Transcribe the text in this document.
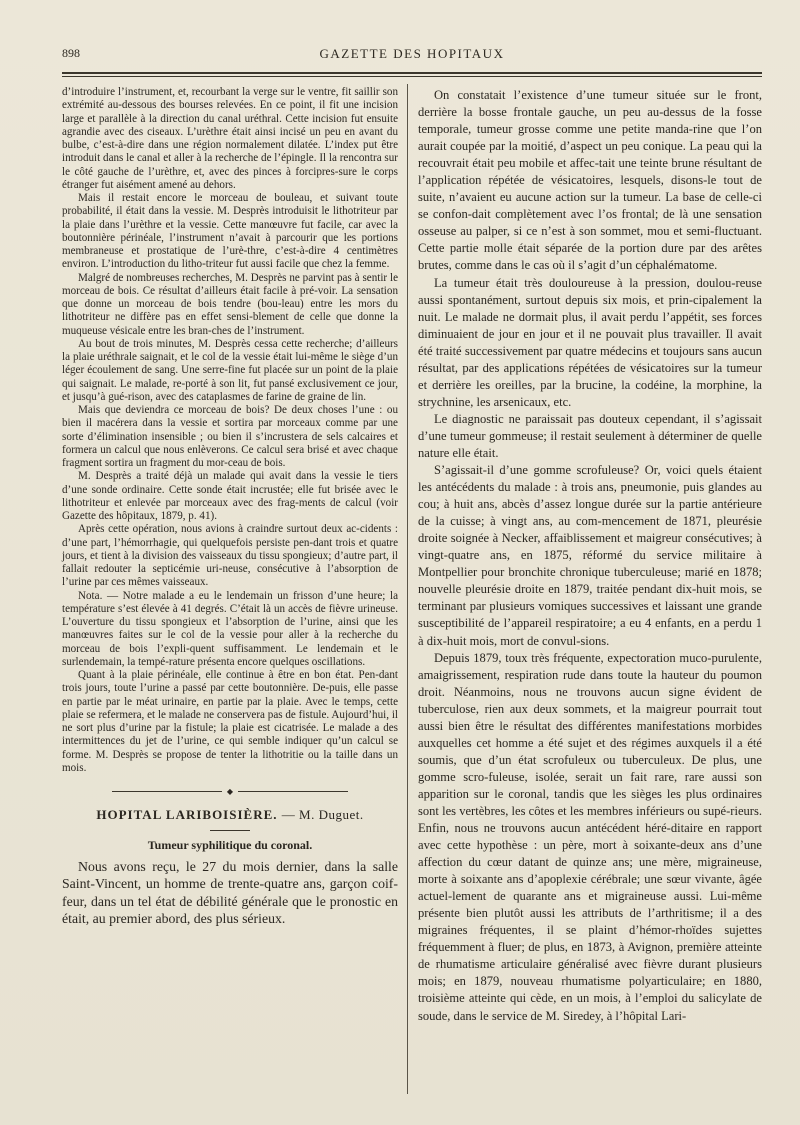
898	GAZETTE DES HOPITAUX

d’introduire l’instrument, et, recourbant la verge sur le ventre, fit saillir son extrémité au-dessous des bourses relevées. En ce point, il fit une incision large et parallèle à la direction du canal uréthral. Cette incision fut ensuite agrandie avec des ciseaux. L’urèthre était ainsi incisé un peu en avant du bulbe, c’est-à-dire dans une région normalement dilatée. L’index put être introduit dans le canal et aller à la recherche de l’épingle. Il la rencontra sur le côté gauche de l’urèthre, et, avec des pinces à forcipres-sure le corps étranger fut aisément amené au dehors.

Mais il restait encore le morceau de bouleau, et suivant toute probabilité, il était dans la vessie. M. Desprès introduisit le lithotriteur par la plaie dans l’urèthre et la vessie. Cette manœuvre fut facile, car avec la boutonnière périnéale, l’instrument n’avait à parcourir que les portions membraneuse et prostatique de l’urè-thre, c’est-à-dire 4 centimètres environ. L’introduction du litho-triteur fut aussi facile que chez la femme.

Malgré de nombreuses recherches, M. Desprès ne parvint pas à sentir le morceau de bois. Ce résultat d’ailleurs était facile à pré-voir. La sensation que donne un morceau de bois tendre (bou-leau) entre les mors du lithotriteur ne diffère pas en effet sensi-blement de celle que donne la muqueuse vésicale entre les bran-ches de l’instrument.

Au bout de trois minutes, M. Desprès cessa cette recherche; d’ailleurs la plaie uréthrale saignait, et le col de la vessie était lui-même le siège d’un léger écoulement de sang. Une serre-fine fut placée sur un point de la plaie qui saignait. Le malade, re-porté à son lit, fut pansé exclusivement ce jour, et jusqu’à gué-rison, avec des cataplasmes de farine de graine de lin.

Mais que deviendra ce morceau de bois? De deux choses l’une : ou bien il macérera dans la vessie et sortira par morceaux comme par une sorte d’élimination insensible ; ou bien il s’incrustera de sels calcaires et formera un calcul que nous enlèverons. Ce calcul sera brisé et avec chaque fragment sortira un fragment du mor-ceau de bois.

M. Desprès a traité déjà un malade qui avait dans la vessie le tiers d’une sonde ordinaire. Cette sonde était incrustée; elle fut brisée avec le lithotriteur et enlevée par morceaux avec des frag-ments de calcul (voir Gazette des hôpitaux, 1879, p. 41).

Après cette opération, nous avions à craindre surtout deux ac-cidents : d’une part, l’hémorrhagie, qui quelquefois persiste pen-dant trois et quatre jours, et tient à la division des vaisseaux du tissu spongieux; d’autre part, il fallait redouter la septicémie uri-neuse, consécutive à l’absorption de l’urine par ces mêmes vaisseaux.

Nota. — Notre malade a eu le lendemain un frisson d’une heure; la température s’est élevée à 41 degrés. C’était là un accès de fièvre urineuse. L’ouverture du tissu spongieux et l’absorption de l’urine, ainsi que les manœuvres faites sur le col de la vessie pour aller à la recherche du morceau de bois l’expli-quent suffisamment. Le lendemain et le surlendemain, la tempé-rature présenta encore quelques oscillations.

Quant à la plaie périnéale, elle continue à être en bon état. Pen-dant trois jours, toute l’urine a passé par cette boutonnière. De-puis, elle passe en partie par le méat urinaire, en partie par la plaie. Avec le temps, cette plaie se refermera, et le malade ne conservera pas de fistule. Aujourd’hui, il ne sort plus d’urine par la fistule; la plaie est cicatrisée. Le malade a des intermittences du jet de l’urine, ce qui semble indiquer qu’un calcul se forme. M. Desprès se propose de tenter la lithotritie ou la taille dans un mois.

◆
HOPITAL LARIBOISIÈRE. — M. Duguet.
Tumeur syphilitique du coronal.

Nous avons reçu, le 27 du mois dernier, dans la salle Saint-Vincent, un homme de trente-quatre ans, garçon coif-feur, dans un tel état de débilité générale que le pronostic en était, au premier abord, des plus sérieux.

On constatait l’existence d’une tumeur située sur le front, derrière la bosse frontale gauche, un peu au-dessus de la fosse temporale, tumeur grosse comme une petite manda-rine que l’on aurait coupée par la moitié, d’aspect un peu conique. La peau qui la recouvrait était peu mobile et affec-tait une teinte brune résultant de l’application répétée de vésicatoires, lesquels, disons-le tout de suite, n’avaient eu aucune action sur la tumeur. La base de celle-ci se confon-dait complètement avec l’os frontal; de là une sensation osseuse au palper, si ce n’est à son sommet, mou et semi-fluctuant. Cette partie molle était séparée de la portion dure par des arêtes brutes, comme dans le cas où il s’agit d’un céphalématome.

La tumeur était très douloureuse à la pression, doulou-reuse aussi spontanément, surtout depuis six mois, et prin-cipalement la nuit. Le malade ne dormait plus, il avait perdu l’appétit, ses forces diminuaient de jour en jour et il ne pouvait plus travailler. Il avait été traité successivement par quatre médecins et toujours sans aucun résultat, par des applications répétées de vésicatoires sur la tumeur et derrière les oreilles, par la brucine, la codéine, la morphine, la strychnine, les arsenicaux, etc.

Le diagnostic ne paraissait pas douteux cependant, il s’agissait d’une tumeur gommeuse; il restait seulement à déterminer de quelle nature elle était.

S’agissait-il d’une gomme scrofuleuse? Or, voici quels étaient les antécédents du malade : à trois ans, pneumonie, puis glandes au cou; à huit ans, abcès d’assez longue durée sur la partie antérieure de la cuisse; à vingt ans, au com-mencement de 1871, pleurésie droite soignée à Necker, affaiblissement et maigreur consécutives; à vingt-quatre ans, en 1875, réformé du service militaire à Montpellier pour bronchite chronique tuberculeuse; marié en 1878; nouvelle pleurésie droite en 1879, traitée pendant dix-huit mois, se terminant par plusieurs vomiques successives et laissant une grande susceptibilité de l’appareil respiratoire; a eu 4 enfants, en a perdu 1 à dix-huit mois, mort de convul-sions.

Depuis 1879, toux très fréquente, expectoration muco-purulente, amaigrissement, respiration rude dans toute la hauteur du poumon droit. Néanmoins, nous ne trouvons aucun signe évident de tuberculose, rien aux deux sommets, et la maigreur pourrait tout aussi bien être le résultat des différentes manifestations morbides auxquelles cet homme a été sujet et des régimes auxquels il a été soumis, que d’un état scrofuleux ou tuberculeux. De plus, une gomme scro-fuleuse, isolée, serait un fait rare, rare aussi son apparition sur le coronal, tandis que les sièges les plus ordinaires sont les vertèbres, les côtes et les membres inférieurs ou supé-rieurs. Enfin, nous ne trouvons aucun antécédent héré-ditaire en rapport avec cette hypothèse : un père, mort à soixante-deux ans d’une affection du cœur datant de quinze ans; une mère, migraineuse, morte à soixante ans d’apoplexie cérébrale; une sœur vivante, âgée actuel-lement de quarante ans et migraineuse aussi. Lui-même présente bien plutôt aussi les attributs de l’arthritisme; il a des migraines fréquentes, il se plaint d’hémor-rhoïdes sujettes fréquemment à fluer; de plus, en 1873, à Avignon, première atteinte de rhumatisme articulaire généralisé avec fièvre durant plusieurs mois; en 1879, nouveau rhumatisme polyarticulaire; en 1880, troisième atteinte qui cède, en un mois, à l’emploi du salicylate de soude, dans le service de M. Siredey, à l’hôpital Lari-
